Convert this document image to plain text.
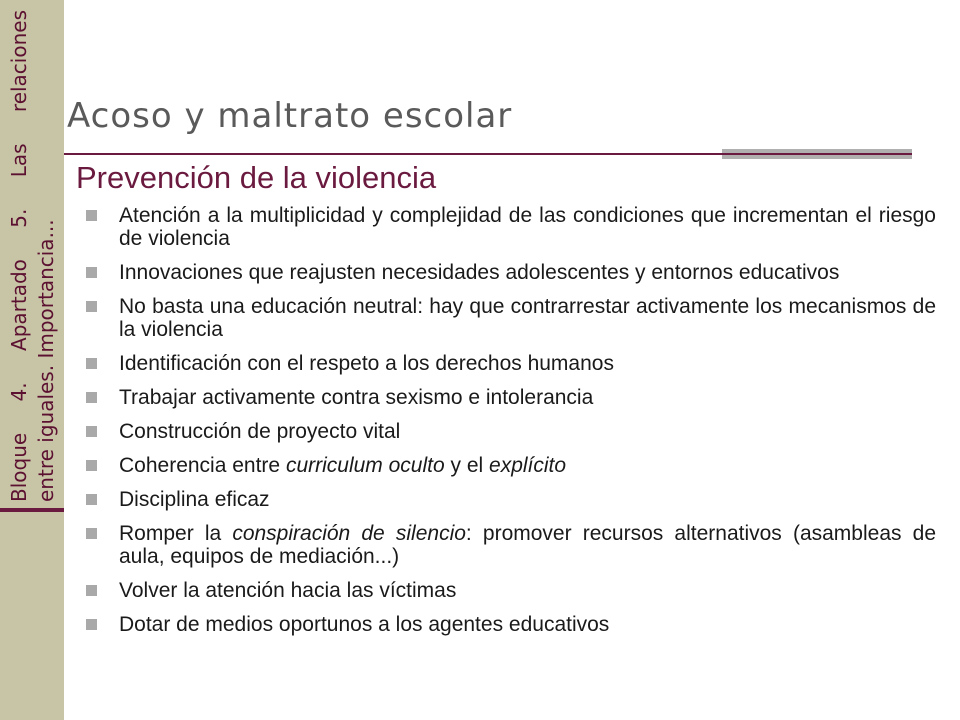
Bloque 4. Apartado 5. Las relaciones entre iguales. Importancia...
Acoso y maltrato escolar
Prevención de la violencia
Atención a la multiplicidad y complejidad de las condiciones que incrementan el riesgo de violencia
Innovaciones que reajusten necesidades adolescentes y entornos educativos
No basta una educación neutral: hay que contrarrestar activamente los mecanismos de la violencia
Identificación con el respeto a los derechos humanos
Trabajar activamente contra sexismo e intolerancia
Construcción de proyecto vital
Coherencia entre curriculum oculto y el explícito
Disciplina eficaz
Romper la conspiración de silencio: promover recursos alternativos (asambleas de aula, equipos de mediación...)
Volver la atención hacia las víctimas
Dotar de medios oportunos a los agentes educativos
